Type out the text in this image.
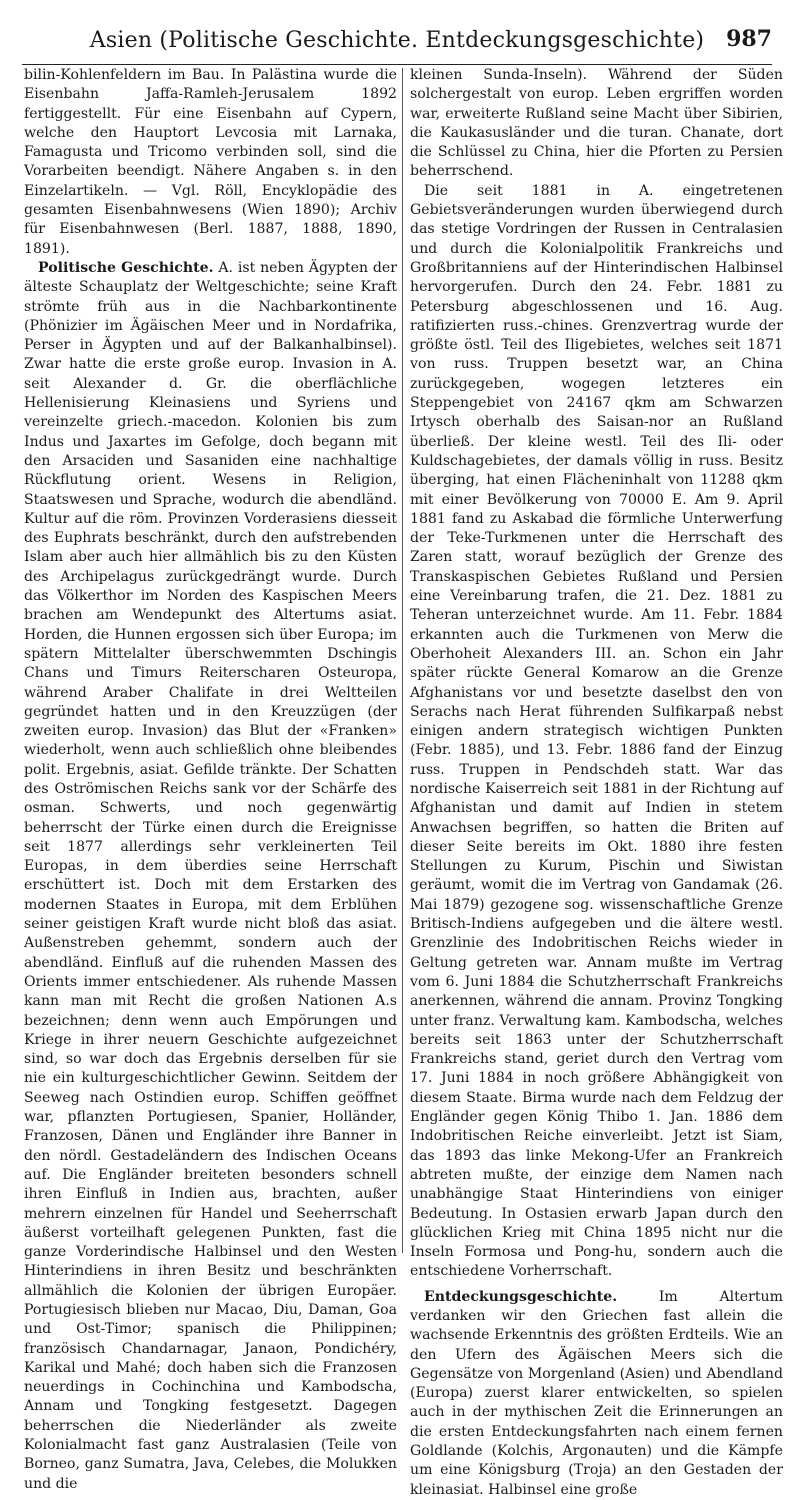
Asien (Politische Geschichte. Entdeckungsgeschichte) 987

bilin-Kohlenfeldern im Bau. In Palästina wurde die Eisenbahn Jaffa-Ramleh-Jerusalem 1892 fertiggestellt. Für eine Eisenbahn auf Cypern, welche den Hauptort Levcosia mit Larnaka, Famagusta und Tricomo verbinden soll, sind die Vorarbeiten beendigt. Nähere Angaben s. in den Einzelartikeln. — Vgl. Röll, Encyklopädie des gesamten Eisenbahnwesens (Wien 1890); Archiv für Eisenbahnwesen (Berl. 1887, 1888, 1890, 1891).

Politische Geschichte. A. ist neben Ägypten der älteste Schauplatz der Weltgeschichte; seine Kraft strömte früh aus in die Nachbarkontinente (Phönizier im Ägäischen Meer und in Nordafrika, Perser in Ägypten und auf der Balkanhalbinsel). Zwar hatte die erste große europ. Invasion in A. seit Alexander d. Gr. die oberflächliche Hellenisierung Kleinasiens und Syriens und vereinzelte griech.-macedon. Kolonien bis zum Indus und Jaxartes im Gefolge, doch begann mit den Arsaciden und Sasaniden eine nachhaltige Rückflutung orient. Wesens in Religion, Staatswesen und Sprache, wodurch die abendländ. Kultur auf die röm. Provinzen Vorderasiens diesseit des Euphrats beschränkt, durch den aufstrebenden Islam aber auch hier allmählich bis zu den Küsten des Archipelagus zurückgedrängt wurde. Durch das Völkerthor im Norden des Kaspischen Meers brachen am Wendepunkt des Altertums asiat. Horden, die Hunnen ergossen sich über Europa; im spätern Mittelalter überschwemmten Dschingis Chans und Timurs Reiterscharen Osteuropa, während Araber Chalifate in drei Weltteilen gegründet hatten und in den Kreuzzügen (der zweiten europ. Invasion) das Blut der «Franken» wiederholt, wenn auch schließlich ohne bleibendes polit. Ergebnis, asiat. Gefilde tränkte. Der Schatten des Oströmischen Reichs sank vor der Schärfe des osman. Schwerts, und noch gegenwärtig beherrscht der Türke einen durch die Ereignisse seit 1877 allerdings sehr verkleinerten Teil Europas, in dem überdies seine Herrschaft erschüttert ist. Doch mit dem Erstarken des modernen Staates in Europa, mit dem Erblühen seiner geistigen Kraft wurde nicht bloß das asiat. Außenstreben gehemmt, sondern auch der abendländ. Einfluß auf die ruhenden Massen des Orients immer entschiedener. Als ruhende Massen kann man mit Recht die großen Nationen A.s bezeichnen; denn wenn auch Empörungen und Kriege in ihrer neuern Geschichte aufgezeichnet sind, so war doch das Ergebnis derselben für sie nie ein kulturgeschichtlicher Gewinn. Seitdem der Seeweg nach Ostindien europ. Schiffen geöffnet war, pflanzten Portugiesen, Spanier, Holländer, Franzosen, Dänen und Engländer ihre Banner in den nördl. Gestadeländern des Indischen Oceans auf. Die Engländer breiteten besonders schnell ihren Einfluß in Indien aus, brachten, außer mehrern einzelnen für Handel und Seeherrschaft äußerst vorteilhaft gelegenen Punkten, fast die ganze Vorderindische Halbinsel und den Westen Hinterindiens in ihren Besitz und beschränkten allmählich die Kolonien der übrigen Europäer. Portugiesisch blieben nur Macao, Diu, Daman, Goa und Ost-Timor; spanisch die Philippinen; französisch Chandarnagar, Janaon, Pondichéry, Karikal und Mahé; doch haben sich die Franzosen neuerdings in Cochinchina und Kambodscha, Annam und Tongking festgesetzt. Dagegen beherrschen die Niederländer als zweite Kolonialmacht fast ganz Australasien (Teile von Borneo, ganz Sumatra, Java, Celebes, die Molukken und die

kleinen Sunda-Inseln). Während der Süden solchergestalt von europ. Leben ergriffen worden war, erweiterte Rußland seine Macht über Sibirien, die Kaukasusländer und die turan. Chanate, dort die Schlüssel zu China, hier die Pforten zu Persien beherrschend.

Die seit 1881 in A. eingetretenen Gebietsveränderungen wurden überwiegend durch das stetige Vordringen der Russen in Centralasien und durch die Kolonialpolitik Frankreichs und Großbritanniens auf der Hinterindischen Halbinsel hervorgerufen. Durch den 24. Febr. 1881 zu Petersburg abgeschlossenen und 16. Aug. ratifizierten russ.-chines. Grenzvertrag wurde der größte östl. Teil des Iligebietes, welches seit 1871 von russ. Truppen besetzt war, an China zurückgegeben, wogegen letzteres ein Steppengebiet von 24167 qkm am Schwarzen Irtysch oberhalb des Saisan-nor an Rußland überließ. Der kleine westl. Teil des Ili- oder Kuldschagebietes, der damals völlig in russ. Besitz überging, hat einen Flächeninhalt von 11288 qkm mit einer Bevölkerung von 70000 E. Am 9. April 1881 fand zu Askabad die förmliche Unterwerfung der Teke-Turkmenen unter die Herrschaft des Zaren statt, worauf bezüglich der Grenze des Transkaspischen Gebietes Rußland und Persien eine Vereinbarung trafen, die 21. Dez. 1881 zu Teheran unterzeichnet wurde. Am 11. Febr. 1884 erkannten auch die Turkmenen von Merw die Oberhoheit Alexanders III. an. Schon ein Jahr später rückte General Komarow an die Grenze Afghanistans vor und besetzte daselbst den von Serachs nach Herat führenden Sulfikarpaß nebst einigen andern strategisch wichtigen Punkten (Febr. 1885), und 13. Febr. 1886 fand der Einzug russ. Truppen in Pendschdeh statt. War das nordische Kaiserreich seit 1881 in der Richtung auf Afghanistan und damit auf Indien in stetem Anwachsen begriffen, so hatten die Briten auf dieser Seite bereits im Okt. 1880 ihre festen Stellungen zu Kurum, Pischin und Siwistan geräumt, womit die im Vertrag von Gandamak (26. Mai 1879) gezogene sog. wissenschaftliche Grenze Britisch-Indiens aufgegeben und die ältere westl. Grenzlinie des Indobritischen Reichs wieder in Geltung getreten war. Annam mußte im Vertrag vom 6. Juni 1884 die Schutzherrschaft Frankreichs anerkennen, während die annam. Provinz Tongking unter franz. Verwaltung kam. Kambodscha, welches bereits seit 1863 unter der Schutzherrschaft Frankreichs stand, geriet durch den Vertrag vom 17. Juni 1884 in noch größere Abhängigkeit von diesem Staate. Birma wurde nach dem Feldzug der Engländer gegen König Thibo 1. Jan. 1886 dem Indobritischen Reiche einverleibt. Jetzt ist Siam, das 1893 das linke Mekong-Ufer an Frankreich abtreten mußte, der einzige dem Namen nach unabhängige Staat Hinterindiens von einiger Bedeutung. In Ostasien erwarb Japan durch den glücklichen Krieg mit China 1895 nicht nur die Inseln Formosa und Pong-hu, sondern auch die entschiedene Vorherrschaft.

Entdeckungsgeschichte. Im Altertum verdanken wir den Griechen fast allein die wachsende Erkenntnis des größten Erdteils. Wie an den Ufern des Ägäischen Meers sich die Gegensätze von Morgenland (Asien) und Abendland (Europa) zuerst klarer entwickelten, so spielen auch in der mythischen Zeit die Erinnerungen an die ersten Entdeckungsfahrten nach einem fernen Goldlande (Kolchis, Argonauten) und die Kämpfe um eine Königsburg (Troja) an den Gestaden der kleinasiat. Halbinsel eine große
